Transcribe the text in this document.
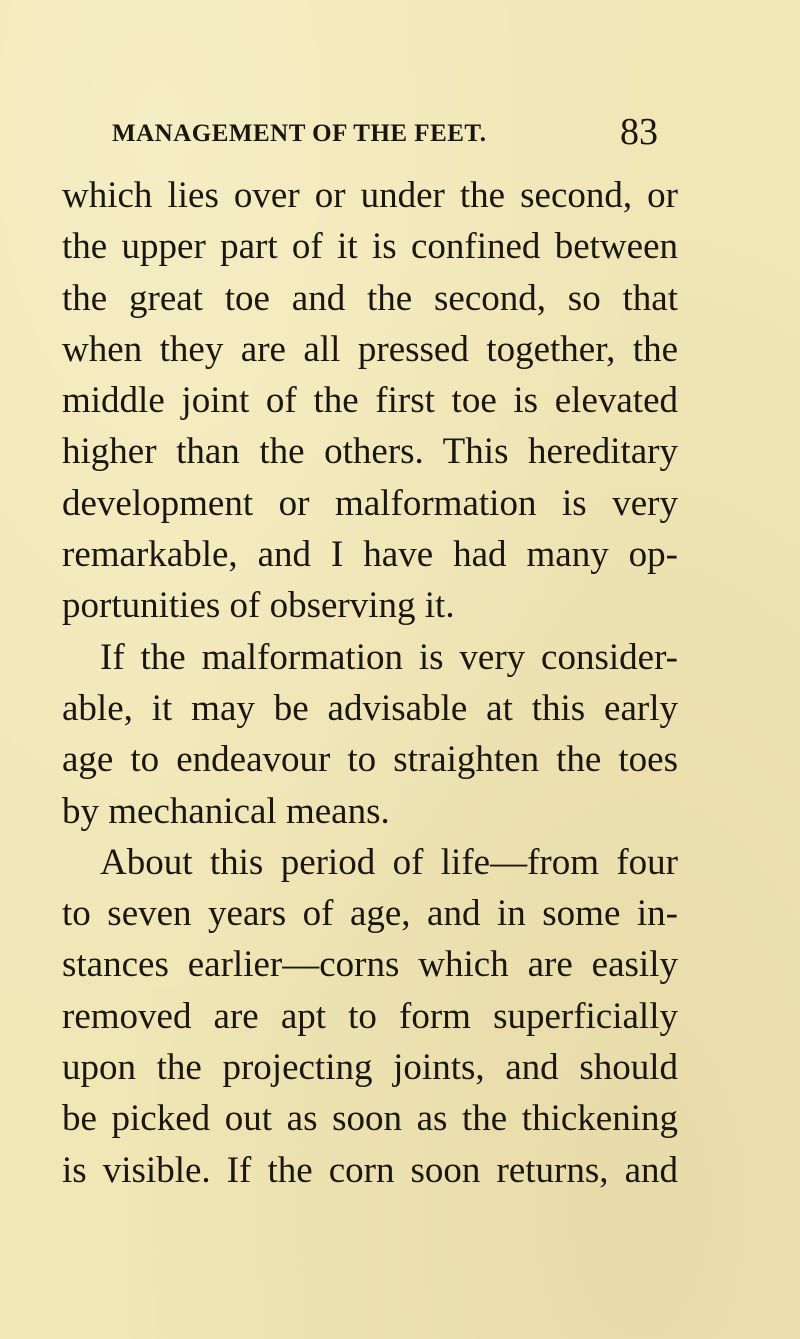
MANAGEMENT OF THE FEET.	83
which lies over or under the second, or
the upper part of it is confined between
the great toe and the second, so that
when they are all pressed together, the
middle joint of the first toe is elevated
higher than the others. This hereditary
development or malformation is very
remarkable, and I have had many op-
portunities of observing it.
If the malformation is very consider-
able, it may be advisable at this early
age to endeavour to straighten the toes
by mechanical means.
About this period of life—from four
to seven years of age, and in some in-
stances earlier—corns which are easily
removed are apt to form superficially
upon the projecting joints, and should
be picked out as soon as the thickening
is visible. If the corn soon returns, and
